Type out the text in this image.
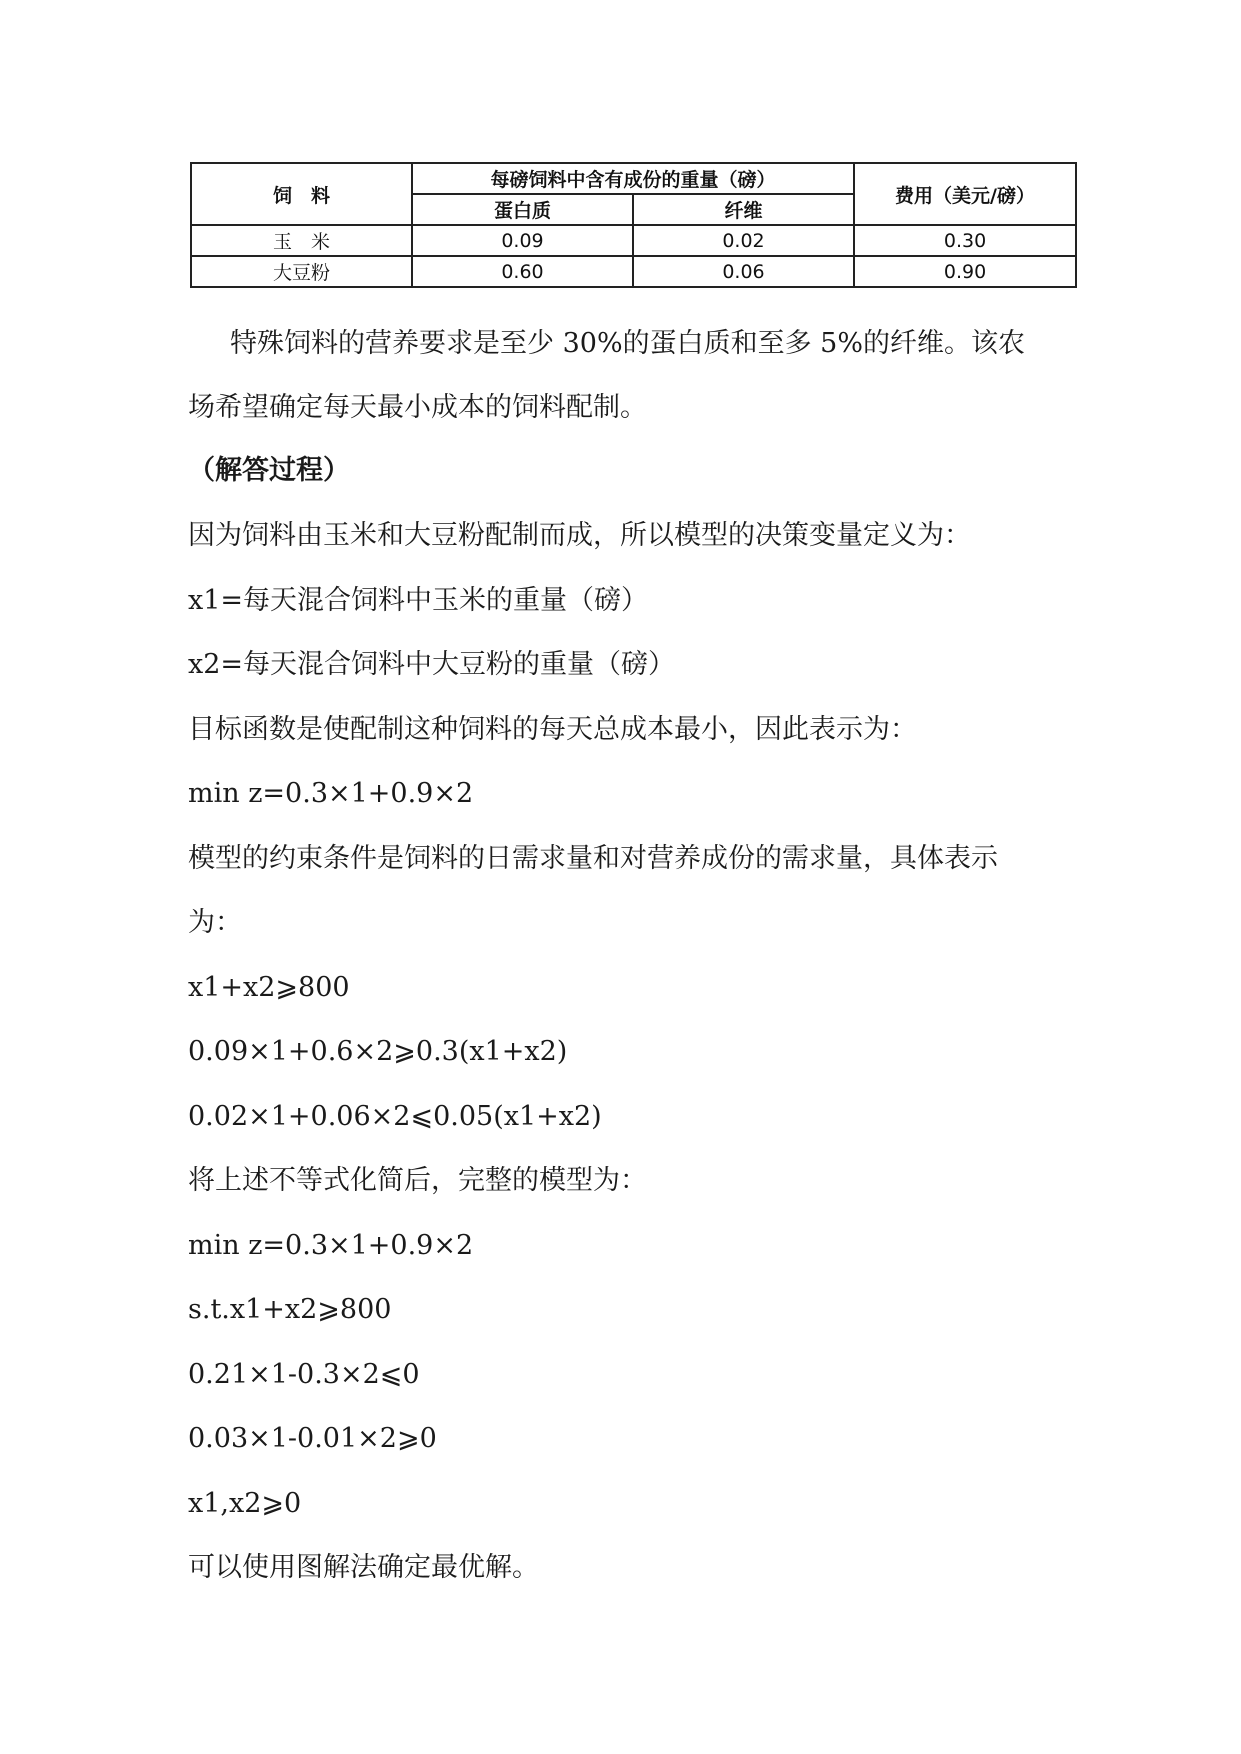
饲　料	每磅饲料中含有成份的重量（磅）		费用（美元/磅）
	蛋白质	纤维	
玉　米	0.09	0.02	0.30
大豆粉	0.60	0.06	0.90
特殊饲料的营养要求是至少 30%的蛋白质和至多 5%的纤维。该农
场希望确定每天最小成本的饲料配制。
（解答过程）
因为饲料由玉米和大豆粉配制而成，所以模型的决策变量定义为：
x1=每天混合饲料中玉米的重量（磅）
x2=每天混合饲料中大豆粉的重量（磅）
目标函数是使配制这种饲料的每天总成本最小，因此表示为：
min z=0.3×1+0.9×2
模型的约束条件是饲料的日需求量和对营养成份的需求量，具体表示
为：
x1+x2⩾800
0.09×1+0.6×2⩾0.3(x1+x2)
0.02×1+0.06×2⩽0.05(x1+x2)
将上述不等式化简后，完整的模型为：
min z=0.3×1+0.9×2
s.t.x1+x2⩾800
0.21×1-0.3×2⩽0
0.03×1-0.01×2⩾0
x1,x2⩾0
可以使用图解法确定最优解。
